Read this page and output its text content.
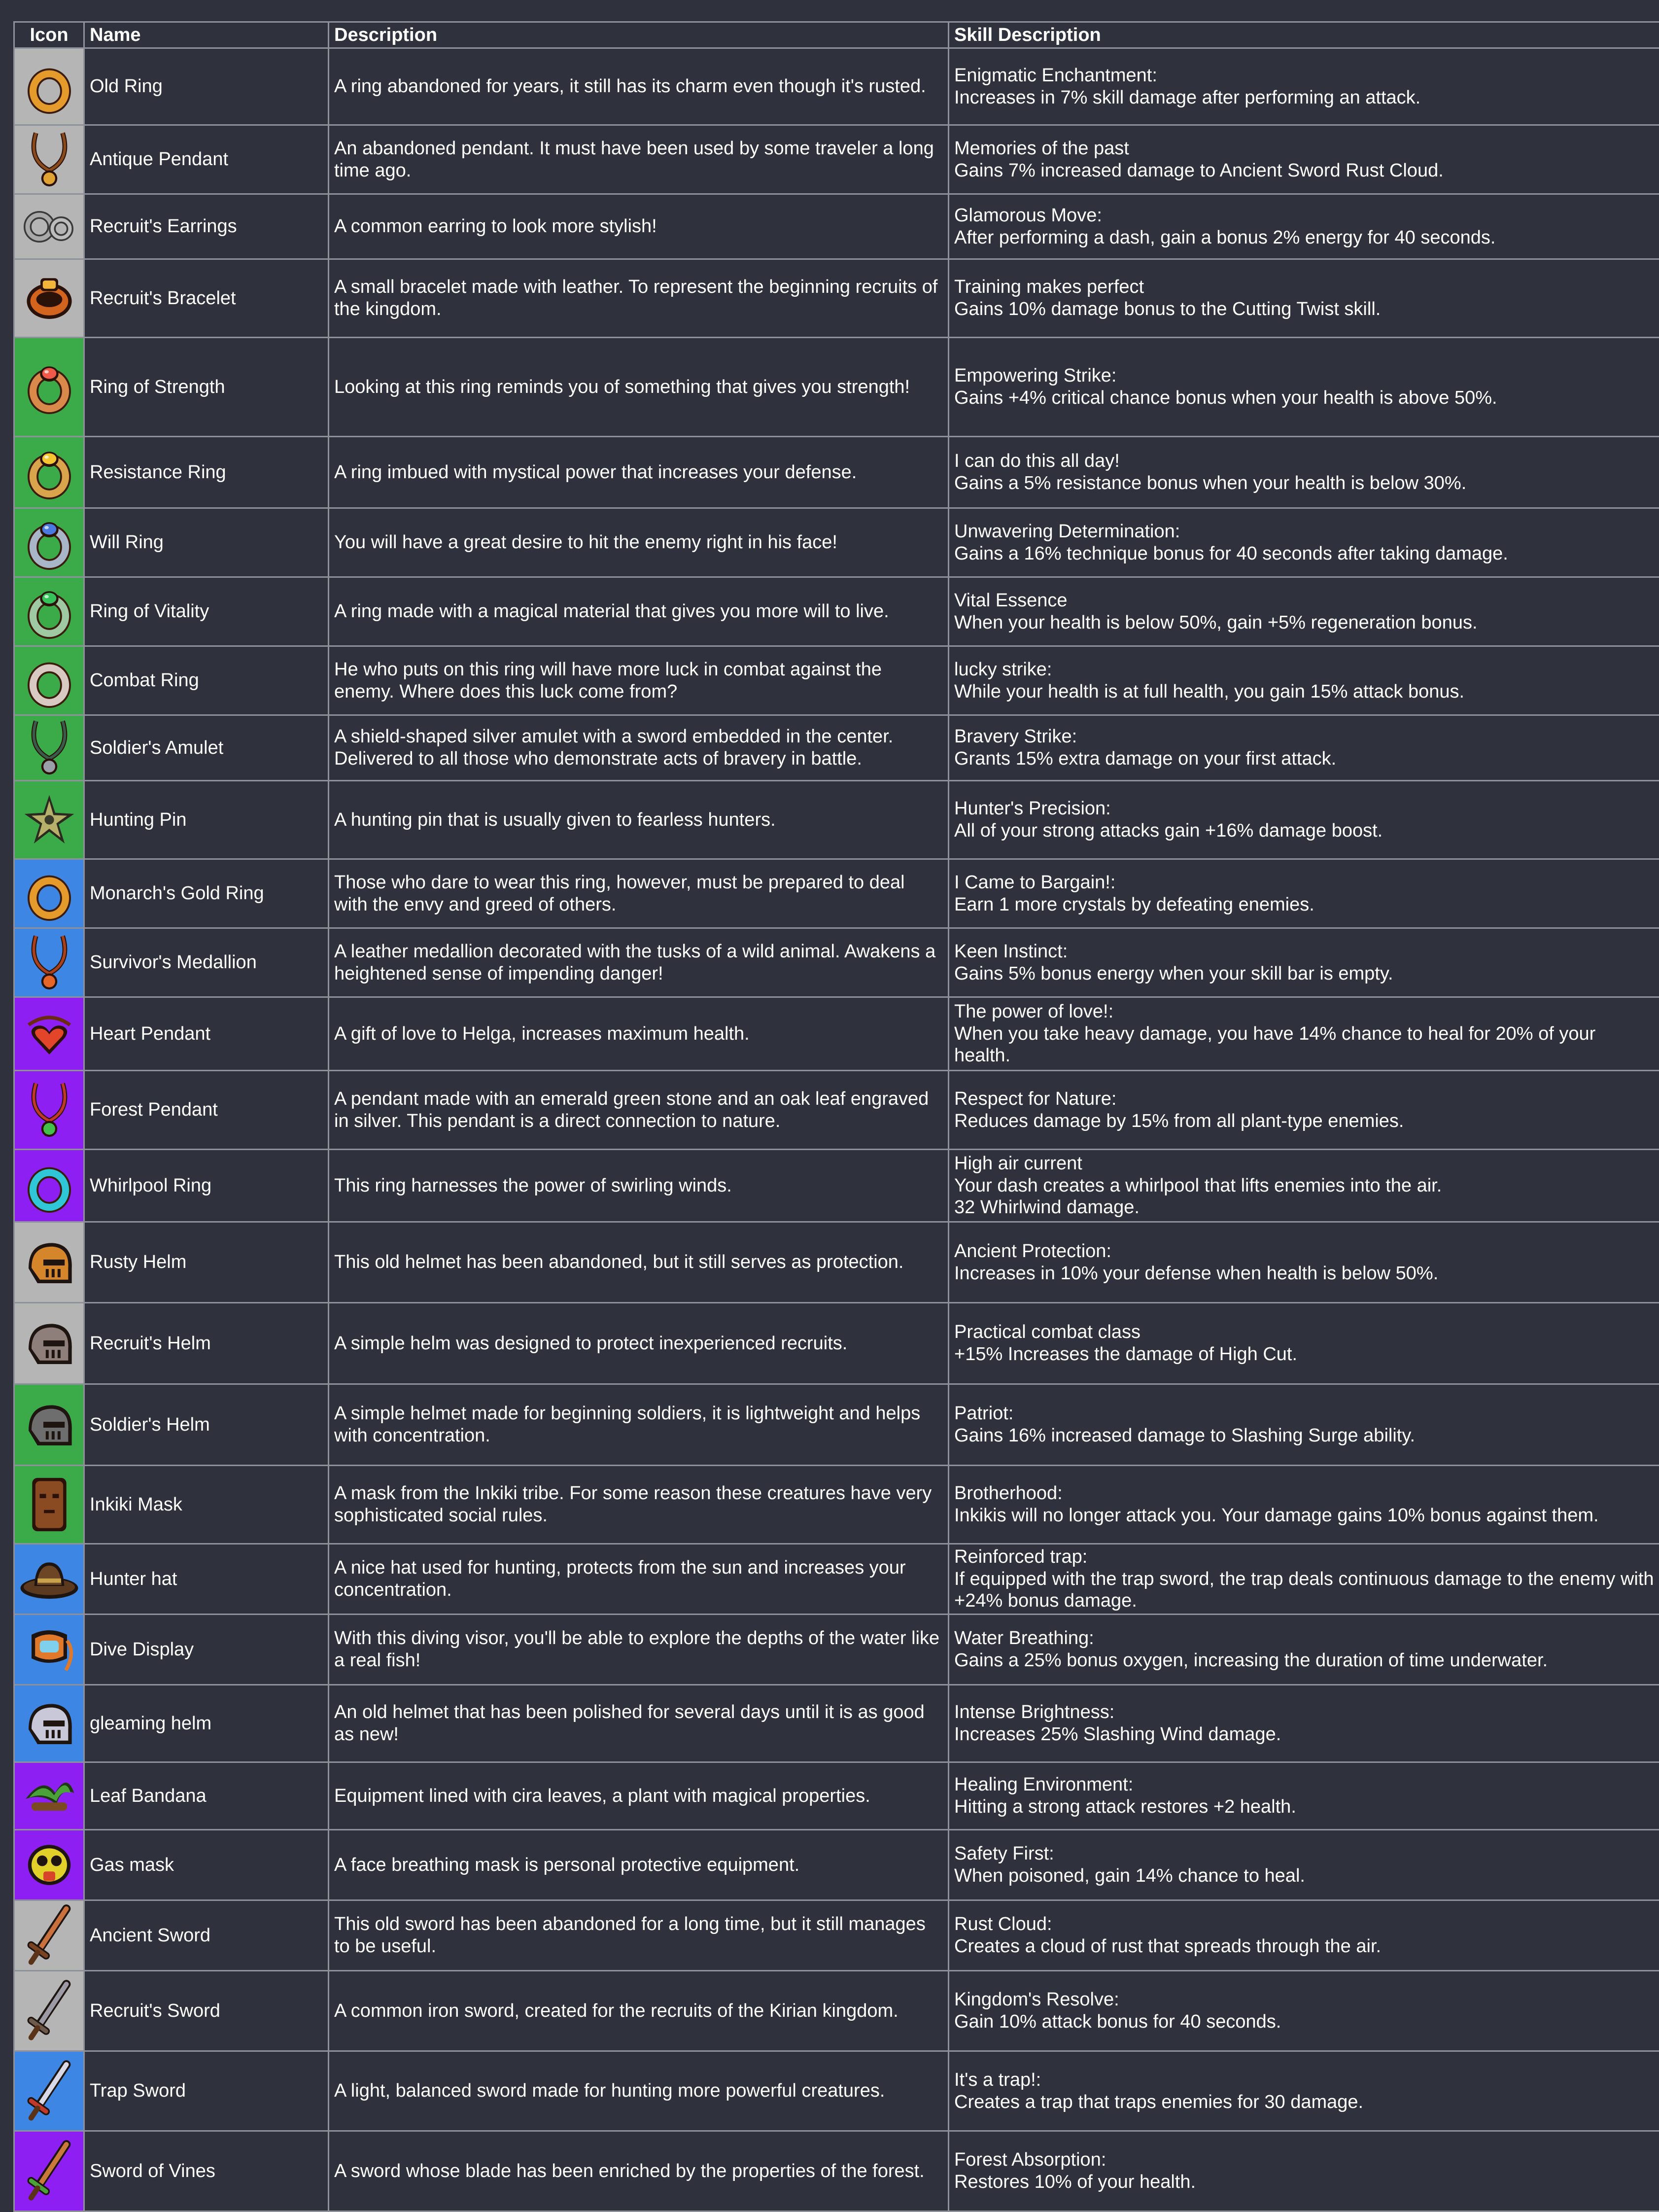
Icon	Name	Description	Skill Description

	Old Ring	A ring abandoned for years, it still has its charm even though it's rusted.	Enigmatic Enchantment:
Increases in 7% skill damage after performing an attack.

	Antique Pendant	An abandoned pendant. It must have been used by some traveler a long time ago.	Memories of the past
Gains 7% increased damage to Ancient Sword Rust Cloud.

	Recruit's Earrings	A common earring to look more stylish!	Glamorous Move:
After performing a dash, gain a bonus 2% energy for 40 seconds.

	Recruit's Bracelet	A small bracelet made with leather. To represent the beginning recruits of the kingdom.	Training makes perfect
Gains 10% damage bonus to the Cutting Twist skill.

	Ring of Strength	Looking at this ring reminds you of something that gives you strength!	Empowering Strike:
Gains +4% critical chance bonus when your health is above 50%.

	Resistance Ring	A ring imbued with mystical power that increases your defense.	I can do this all day!
Gains a 5% resistance bonus when your health is below 30%.

	Will Ring	You will have a great desire to hit the enemy right in his face!	Unwavering Determination:
Gains a 16% technique bonus for 40 seconds after taking damage.

	Ring of Vitality	A ring made with a magical material that gives you more will to live.	Vital Essence
When your health is below 50%, gain +5% regeneration bonus.

	Combat Ring	He who puts on this ring will have more luck in combat against the enemy. Where does this luck come from?	lucky strike:
While your health is at full health, you gain 15% attack bonus.

	Soldier's Amulet	A shield-shaped silver amulet with a sword embedded in the center. Delivered to all those who demonstrate acts of bravery in battle.	Bravery Strike:
Grants 15% extra damage on your first attack.

	Hunting Pin	A hunting pin that is usually given to fearless hunters.	Hunter's Precision:
All of your strong attacks gain +16% damage boost.

	Monarch's Gold Ring	Those who dare to wear this ring, however, must be prepared to deal with the envy and greed of others.	I Came to Bargain!:
Earn 1 more crystals by defeating enemies.

	Survivor's Medallion	A leather medallion decorated with the tusks of a wild animal. Awakens a heightened sense of impending danger!	Keen Instinct:
Gains 5% bonus energy when your skill bar is empty.

	Heart Pendant	A gift of love to Helga, increases maximum health.	The power of love!:
When you take heavy damage, you have 14% chance to heal for 20% of your health.

	Forest Pendant	A pendant made with an emerald green stone and an oak leaf engraved in silver. This pendant is a direct connection to nature.	Respect for Nature:
Reduces damage by 15% from all plant-type enemies.

	Whirlpool Ring	This ring harnesses the power of swirling winds.	High air current
Your dash creates a whirlpool that lifts enemies into the air.
32 Whirlwind damage.

	Rusty Helm	This old helmet has been abandoned, but it still serves as protection.	Ancient Protection:
Increases in 10% your defense when health is below 50%.

	Recruit's Helm	A simple helm was designed to protect inexperienced recruits.	Practical combat class
+15% Increases the damage of High Cut.

	Soldier's Helm	A simple helmet made for beginning soldiers, it is lightweight and helps with concentration.	Patriot:
Gains 16% increased damage to Slashing Surge ability.

	Inkiki Mask	A mask from the Inkiki tribe. For some reason these creatures have very sophisticated social rules.	Brotherhood:
Inkikis will no longer attack you. Your damage gains 10% bonus against them.

	Hunter hat	A nice hat used for hunting, protects from the sun and increases your concentration.	Reinforced trap:
If equipped with the trap sword, the trap deals continuous damage to the enemy with +24% bonus damage.

	Dive Display	With this diving visor, you'll be able to explore the depths of the water like a real fish!	Water Breathing:
Gains a 25% bonus oxygen, increasing the duration of time underwater.

	gleaming helm	An old helmet that has been polished for several days until it is as good as new!	Intense Brightness:
Increases 25% Slashing Wind damage.

	Leaf Bandana	Equipment lined with cira leaves, a plant with magical properties.	Healing Environment:
Hitting a strong attack restores +2 health.

	Gas mask	A face breathing mask is personal protective equipment.	Safety First:
When poisoned, gain 14% chance to heal.

	Ancient Sword	This old sword has been abandoned for a long time, but it still manages to be useful.	Rust Cloud:
Creates a cloud of rust that spreads through the air.

	Recruit's Sword	A common iron sword, created for the recruits of the Kirian kingdom.	Kingdom's Resolve:
Gain 10% attack bonus for 40 seconds.

	Trap Sword	A light, balanced sword made for hunting more powerful creatures.	It's a trap!:
Creates a trap that traps enemies for 30 damage.

	Sword of Vines	A sword whose blade has been enriched by the properties of the forest.	Forest Absorption:
Restores 10% of your health.
